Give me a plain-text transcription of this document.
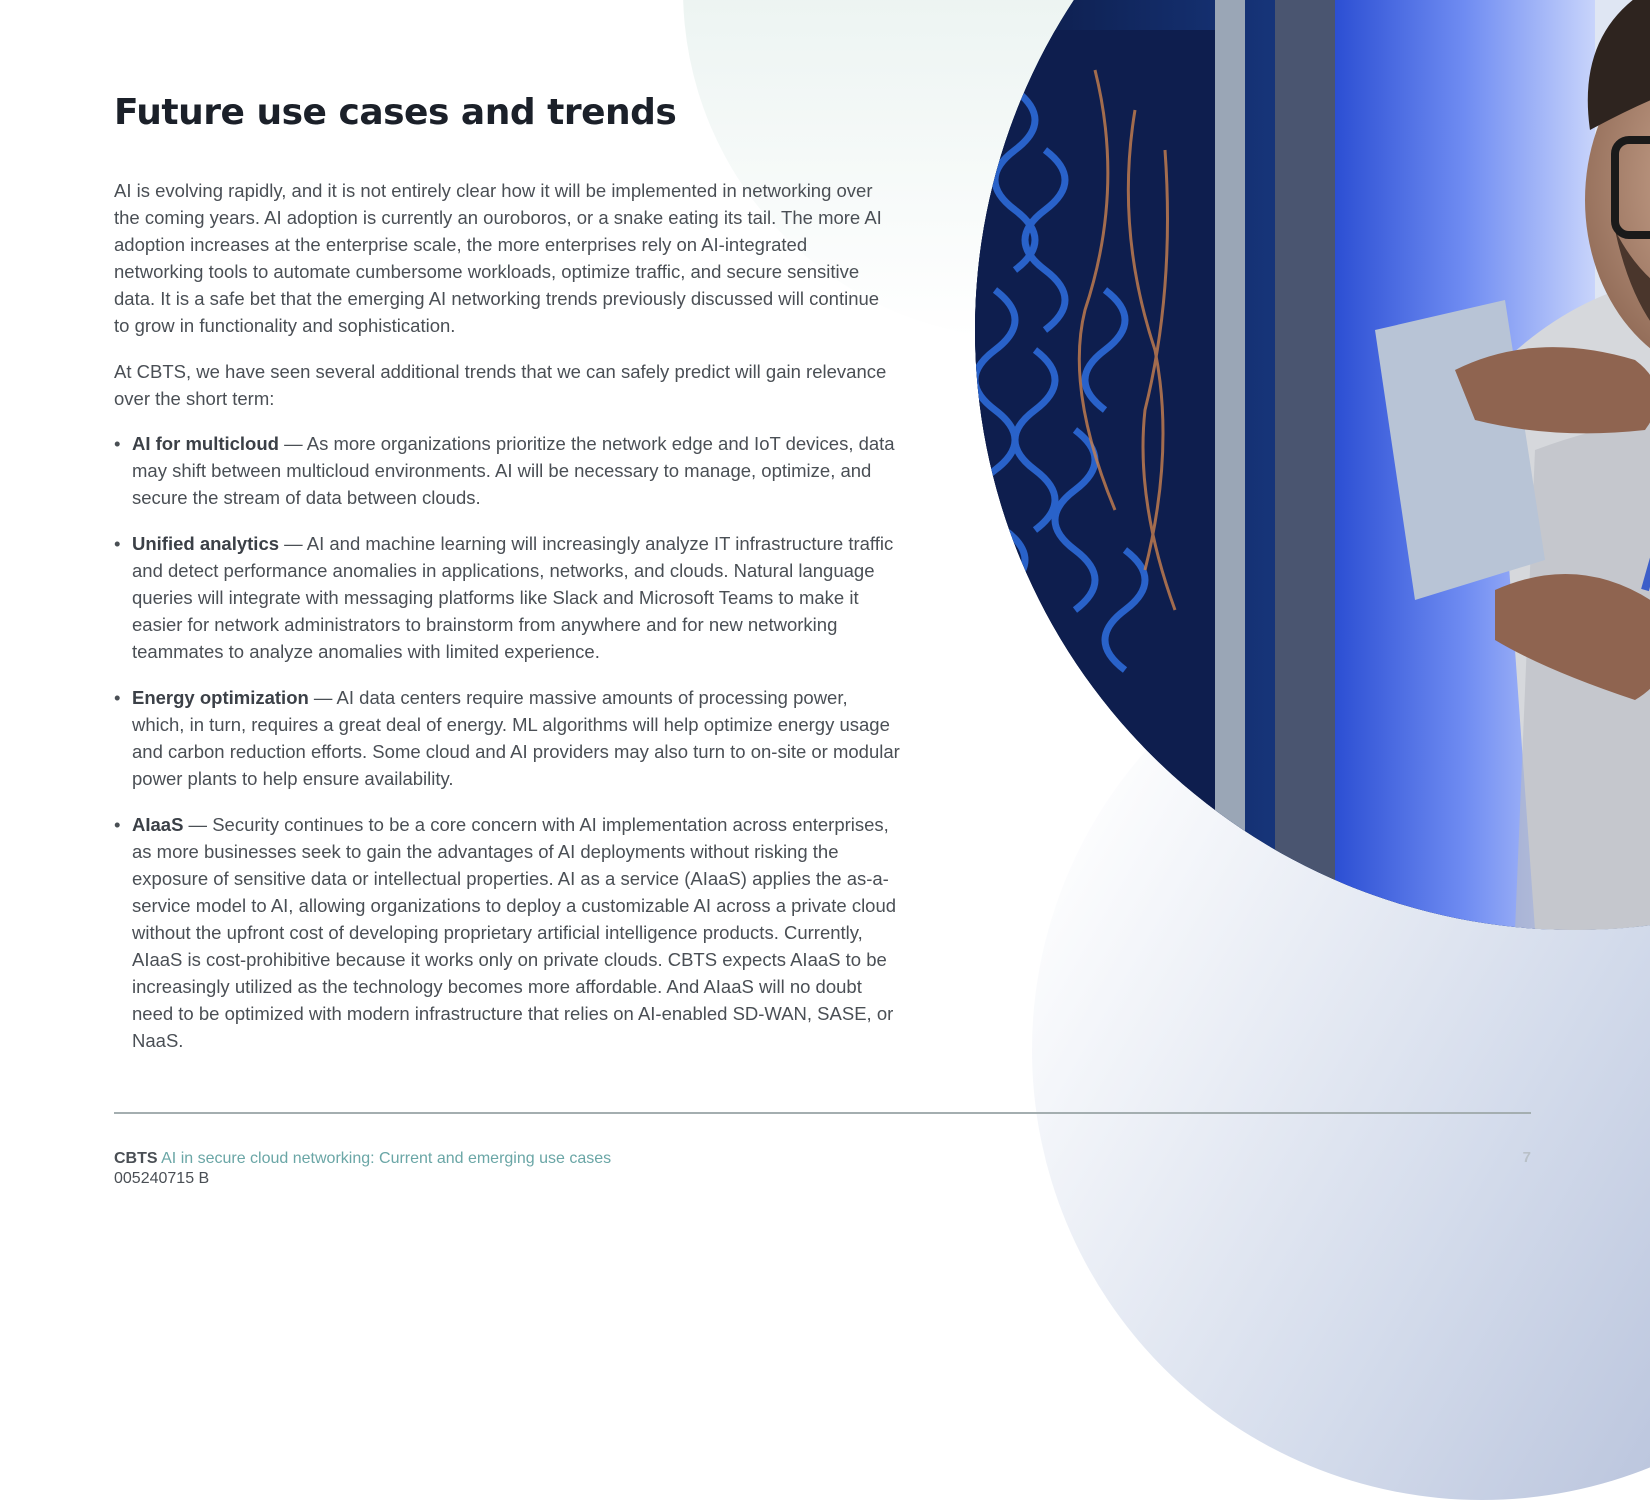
Future use cases and trends

AI is evolving rapidly, and it is not entirely clear how it will be implemented in networking over the coming years. AI adoption is currently an ouroboros, or a snake eating its tail. The more AI adoption increases at the enterprise scale, the more enterprises rely on AI-integrated networking tools to automate cumbersome workloads, optimize traffic, and secure sensitive data. It is a safe bet that the emerging AI networking trends previously discussed will continue to grow in functionality and sophistication.

At CBTS, we have seen several additional trends that we can safely predict will gain relevance over the short term:

• AI for multicloud — As more organizations prioritize the network edge and IoT devices, data may shift between multicloud environments. AI will be necessary to manage, optimize, and secure the stream of data between clouds.
• Unified analytics — AI and machine learning will increasingly analyze IT infrastructure traffic and detect performance anomalies in applications, networks, and clouds. Natural language queries will integrate with messaging platforms like Slack and Microsoft Teams to make it easier for network administrators to brainstorm from anywhere and for new networking teammates to analyze anomalies with limited experience.
• Energy optimization — AI data centers require massive amounts of processing power, which, in turn, requires a great deal of energy. ML algorithms will help optimize energy usage and carbon reduction efforts. Some cloud and AI providers may also turn to on-site or modular power plants to help ensure availability.
• AIaaS — Security continues to be a core concern with AI implementation across enterprises, as more businesses seek to gain the advantages of AI deployments without risking the exposure of sensitive data or intellectual properties. AI as a service (AIaaS) applies the as-a-service model to AI, allowing organizations to deploy a customizable AI across a private cloud without the upfront cost of developing proprietary artificial intelligence products. Currently, AIaaS is cost-prohibitive because it works only on private clouds. CBTS expects AIaaS to be increasingly utilized as the technology becomes more affordable. And AIaaS will no doubt need to be optimized with modern infrastructure that relies on AI-enabled SD-WAN, SASE, or NaaS.
CBTS AI in secure cloud networking: Current and emerging use cases
005240715 B
7
